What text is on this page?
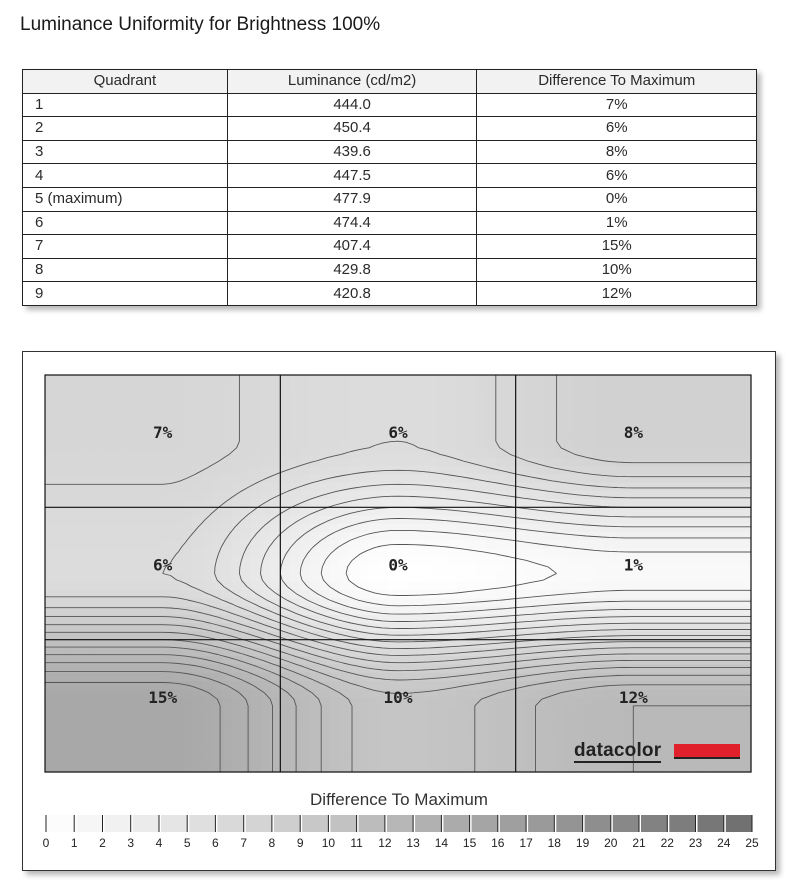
Luminance Uniformity for Brightness 100%
Quadrant	Luminance (cd/m2)	Difference To Maximum
1	444.0	7%
2	450.4	6%
3	439.6	8%
4	447.5	6%
5 (maximum)	477.9	0%
6	474.4	1%
7	407.4	15%
8	429.8	10%
9	420.8	12%
7%	6%	8%
6%	0%	1%
15%	10%	12%
0 1 2 3 4 5 6 7 8 9 10 11 12 13 14 15 16 17 18 19 20 21 22 23 24 25
Difference To Maximum
datacolor
